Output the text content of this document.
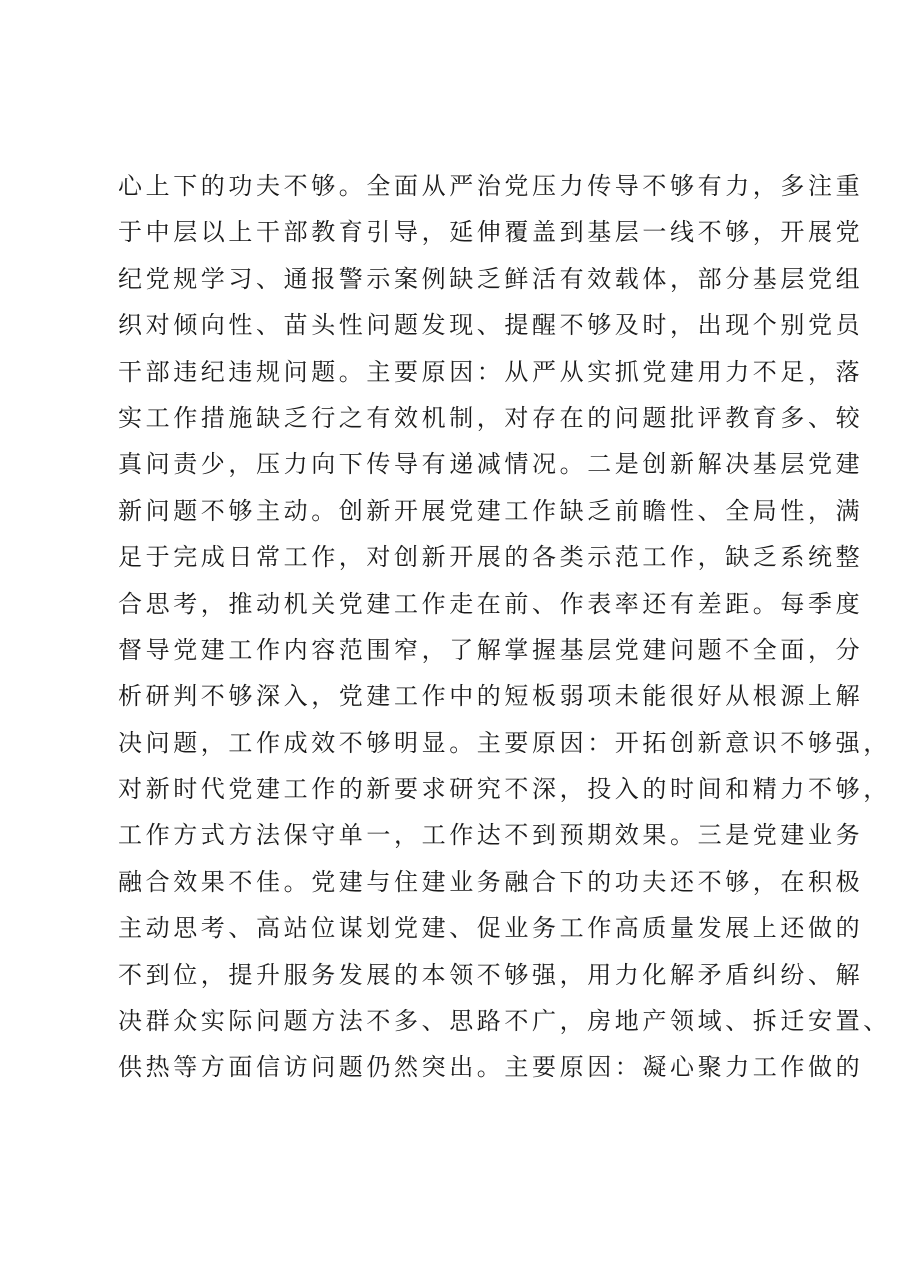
心上下的功夫不够。全面从严治党压力传导不够有力，多注重
于中层以上干部教育引导，延伸覆盖到基层一线不够，开展党
纪党规学习、通报警示案例缺乏鲜活有效载体，部分基层党组
织对倾向性、苗头性问题发现、提醒不够及时，出现个别党员
干部违纪违规问题。主要原因：从严从实抓党建用力不足，落
实工作措施缺乏行之有效机制，对存在的问题批评教育多、较
真问责少，压力向下传导有递减情况。二是创新解决基层党建
新问题不够主动。创新开展党建工作缺乏前瞻性、全局性，满
足于完成日常工作，对创新开展的各类示范工作，缺乏系统整
合思考，推动机关党建工作走在前、作表率还有差距。每季度
督导党建工作内容范围窄，了解掌握基层党建问题不全面，分
析研判不够深入，党建工作中的短板弱项未能很好从根源上解
决问题，工作成效不够明显。主要原因：开拓创新意识不够强，
对新时代党建工作的新要求研究不深，投入的时间和精力不够，
工作方式方法保守单一，工作达不到预期效果。三是党建业务
融合效果不佳。党建与住建业务融合下的功夫还不够，在积极
主动思考、高站位谋划党建、促业务工作高质量发展上还做的
不到位，提升服务发展的本领不够强，用力化解矛盾纠纷、解
决群众实际问题方法不多、思路不广，房地产领域、拆迁安置、
供热等方面信访问题仍然突出。主要原因：凝心聚力工作做的
